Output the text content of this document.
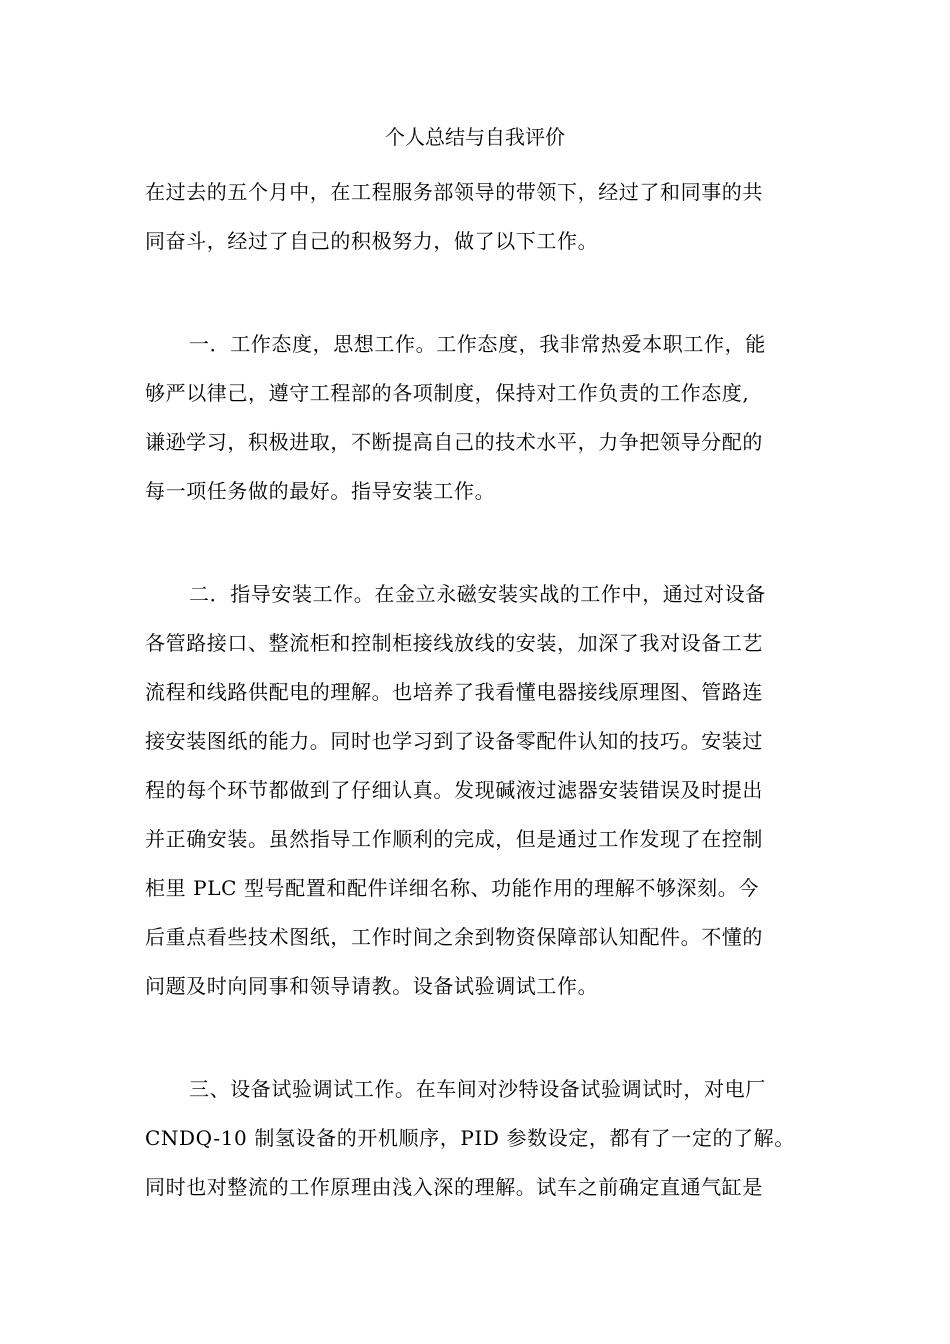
个人总结与自我评价
在过去的五个月中，在工程服务部领导的带领下，经过了和同事的共
同奋斗，经过了自己的积极努力，做了以下工作。
一．工作态度，思想工作。工作态度，我非常热爱本职工作，能
够严以律己，遵守工程部的各项制度，保持对工作负责的工作态度,
谦逊学习，积极进取，不断提高自己的技术水平，力争把领导分配的
每一项任务做的最好。指导安装工作。
二．指导安装工作。在金立永磁安装实战的工作中，通过对设备
各管路接口、整流柜和控制柜接线放线的安装，加深了我对设备工艺
流程和线路供配电的理解。也培养了我看懂电器接线原理图、管路连
接安装图纸的能力。同时也学习到了设备零配件认知的技巧。安装过
程的每个环节都做到了仔细认真。发现碱液过滤器安装错误及时提出
并正确安装。虽然指导工作顺利的完成，但是通过工作发现了在控制
柜里 PLC 型号配置和配件详细名称、功能作用的理解不够深刻。今
后重点看些技术图纸，工作时间之余到物资保障部认知配件。不懂的
问题及时向同事和领导请教。设备试验调试工作。
三、设备试验调试工作。在车间对沙特设备试验调试时，对电厂
CNDQ-10 制氢设备的开机顺序，PID 参数设定，都有了一定的了解。
同时也对整流的工作原理由浅入深的理解。试车之前确定直通气缸是
